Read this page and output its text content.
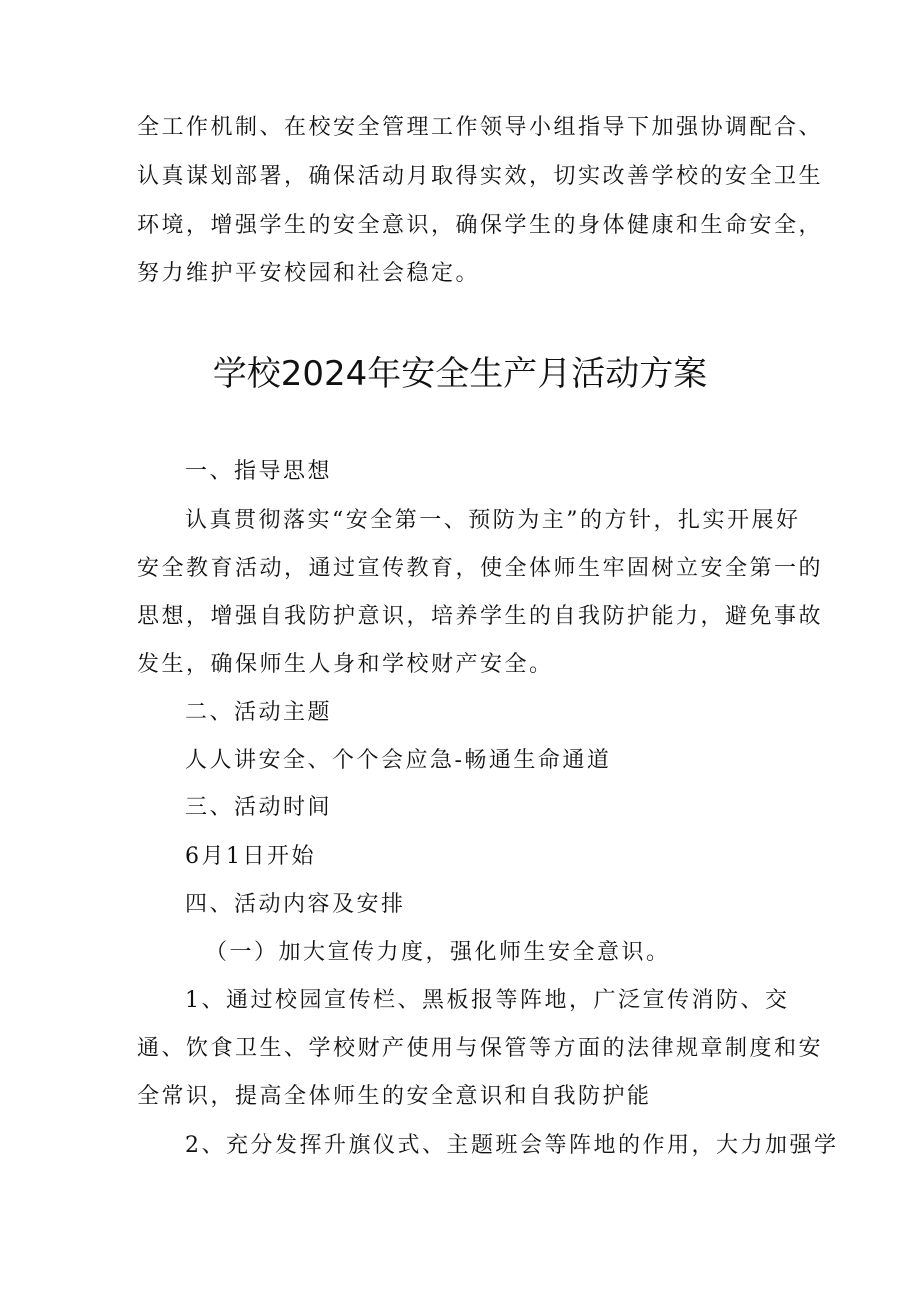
全工作机制、在校安全管理工作领导小组指导下加强协调配合、
认真谋划部署，确保活动月取得实效，切实改善学校的安全卫生
环境，增强学生的安全意识，确保学生的身体健康和生命安全，
努力维护平安校园和社会稳定。
学校2024年安全生产月活动方案
一、指导思想
认真贯彻落实“安全第一、预防为主”的方针，扎实开展好
安全教育活动，通过宣传教育，使全体师生牢固树立安全第一的
思想，增强自我防护意识，培养学生的自我防护能力，避免事故
发生，确保师生人身和学校财产安全。
二、活动主题
人人讲安全、个个会应急-畅通生命通道
三、活动时间
6月1日开始
四、活动内容及安排
（一）加大宣传力度，强化师生安全意识。
1、通过校园宣传栏、黑板报等阵地，广泛宣传消防、交
通、饮食卫生、学校财产使用与保管等方面的法律规章制度和安
全常识，提高全体师生的安全意识和自我防护能
2、充分发挥升旗仪式、主题班会等阵地的作用，大力加强学
